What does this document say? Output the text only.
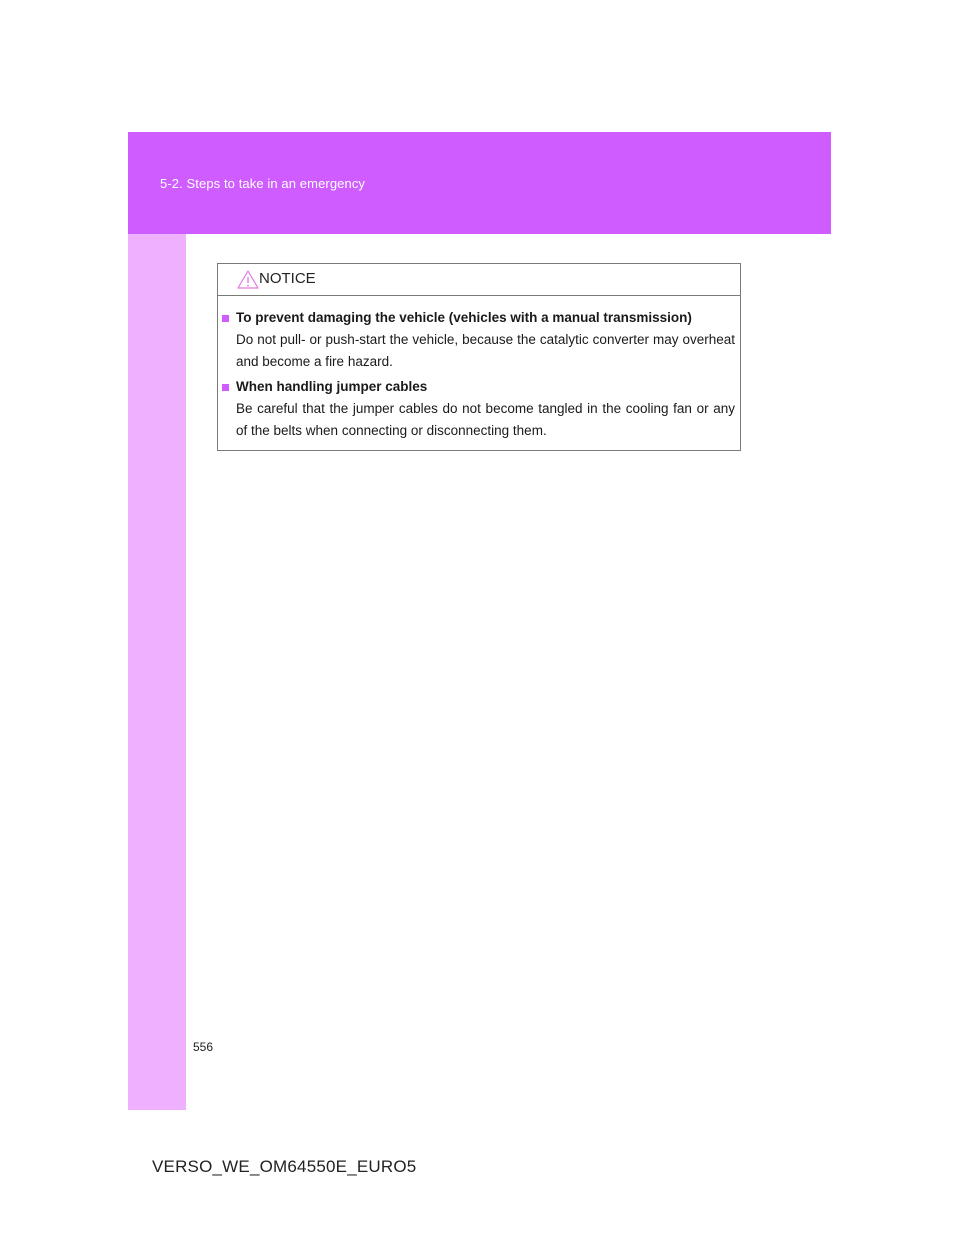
5-2. Steps to take in an emergency
NOTICE
To prevent damaging the vehicle (vehicles with a manual transmission)
Do not pull- or push-start the vehicle, because the catalytic converter may overheat and become a fire hazard.
When handling jumper cables
Be careful that the jumper cables do not become tangled in the cooling fan or any of the belts when connecting or disconnecting them.
556
VERSO_WE_OM64550E_EURO5
